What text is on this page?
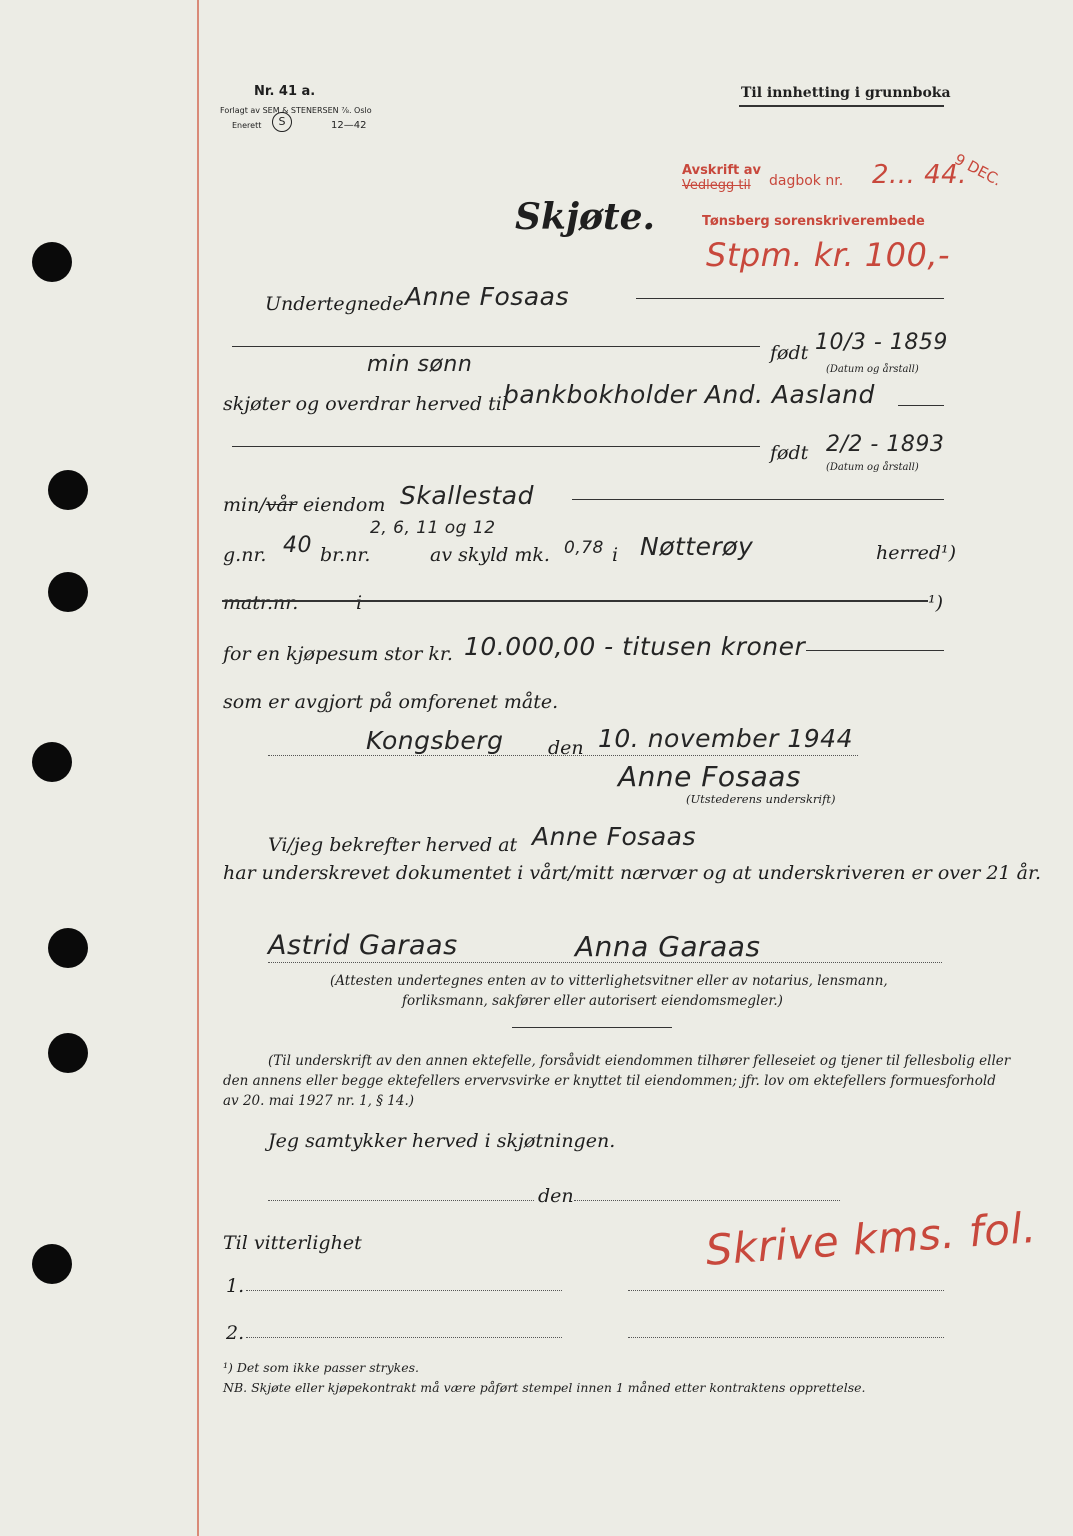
Nr. 41 a.
Forlagt av SEM & STENERSEN ⅞. Oslo
Enerett	S	12—42
Til innhetting i grunnboka
Avskrift av
Vedlegg til dagbok nr. 2... 44.
Tønsberg sorenskriverembede
Stpm. kr. 100,-
9 DEC.
Skjøte.
Undertegnede Anne Fosaas
født 10/3 - 1859
(Datum og årstall)
min sønn
skjøter og overdrar herved til
bankbokholder And. Aasland
født 2/2 - 1893
(Datum og årstall)
min/vår eiendom Skallestad
g.nr. 40 br.nr.
2, 6, 11 og 12
av skyld mk. 0,78 i Nøtterøy	herred¹)
matr.nr.	i	¹)
for en kjøpesum stor kr. 10.000,00 - titusen kroner
som er avgjort på omforenet måte.
Kongsberg den 10. november 1944
Anne Fosaas
(Utstederens underskrift)
Vi/jeg bekrefter herved at Anne Fosaas
har underskrevet dokumentet i vårt/mitt nærvær og at underskriveren er over 21 år.
Astrid Garaas	Anna Garaas
(Attesten undertegnes enten av to vitterlighetsvitner eller av notarius, lensmann,
forliksmann, sakfører eller autorisert eiendomsmegler.)
(Til underskrift av den annen ektefelle, forsåvidt eiendommen tilhører felleseiet og tjener til fellesbolig eller
den annens eller begge ektefellers ervervsvirke er knyttet til eiendommen; jfr. lov om ektefellers formuesforhold
av 20. mai 1927 nr. 1, § 14.)
Jeg samtykker herved i skjøtningen.
den
Til vitterlighet
1.
2.
Skrive kms. fol.
¹) Det som ikke passer strykes.
NB. Skjøte eller kjøpekontrakt må være påført stempel innen 1 måned etter kontraktens opprettelse.
